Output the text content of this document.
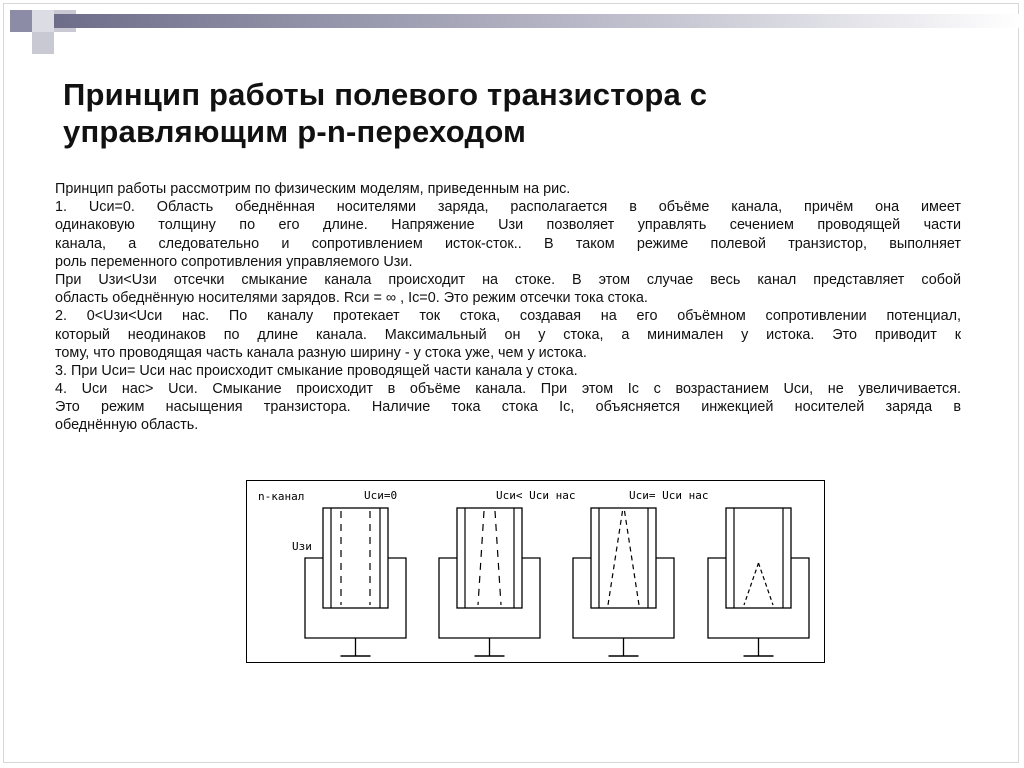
Принцип работы полевого транзистора с
управляющим p-n-переходом
Принцип работы рассмотрим по физическим моделям, приведенным на рис.
1. Uси=0. Область обеднённая носителями заряда, располагается в объёме канала, причём она имеет
одинаковую толщину по его длине. Напряжение Uзи позволяет управлять сечением проводящей части
канала, а следовательно и сопротивлением исток-сток.. В таком режиме полевой транзистор, выполняет
роль переменного сопротивления управляемого Uзи.
При Uзи<Uзи отсечки смыкание канала происходит на стоке. В этом случае весь канал представляет собой
область обеднённую носителями зарядов. Rси = ∞ , Ic=0. Это режим отсечки тока стока.
2. 0<Uзи<Uси нас. По каналу протекает ток стока, создавая на его объёмном сопротивлении потенциал,
который неодинаков по длине канала. Максимальный он у стока, а минимален у истока. Это приводит к
тому, что проводящая часть канала разную ширину - у стока уже, чем у истока.
3. При Uси= Uси нас происходит смыкание проводящей части канала у стока.
4. Uси нас> Uси. Смыкание происходит в объёме канала. При этом Ic с возрастанием Uси, не увеличивается.
Это режим насыщения транзистора. Наличие тока стока Ic, объясняется инжекцией носителей заряда в
обеднённую область.
n-канал
Uзи
Uси=0	Uси< Uси нас	Uси= Uси нас
